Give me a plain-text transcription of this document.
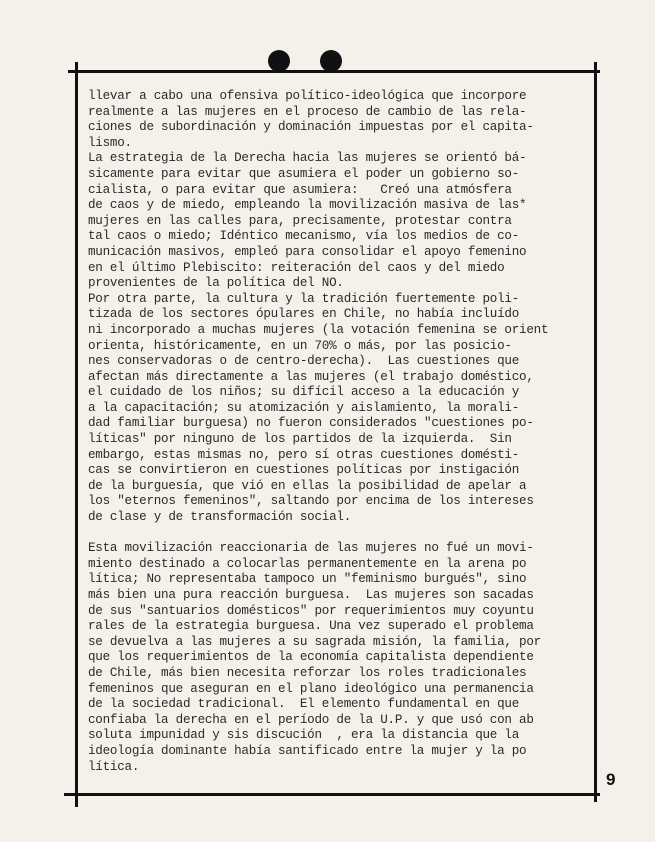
llevar a cabo una ofensiva político-ideológica que incorpore
realmente a las mujeres en el proceso de cambio de las rela-
ciones de subordinación y dominación impuestas por el capita-
lismo.
La estrategia de la Derecha hacia las mujeres se orientó bá-
sicamente para evitar que asumiera el poder un gobierno so-
cialista, o para evitar que asumiera:   Creó una atmósfera
de caos y de miedo, empleando la movilización masiva de las*
mujeres en las calles para, precisamente, protestar contra
tal caos o miedo; Idéntico mecanismo, vía los medios de co-
municación masivos, empleó para consolidar el apoyo femenino
en el último Plebiscito: reiteración del caos y del miedo
provenientes de la política del NO.
Por otra parte, la cultura y la tradición fuertemente poli-
tizada de los sectores ópulares en Chile, no había incluído
ni incorporado a muchas mujeres (la votación femenina se orient
orienta, históricamente, en un 70% o más, por las posicio-
nes conservadoras o de centro-derecha).  Las cuestiones que
afectan más directamente a las mujeres (el trabajo doméstico,
el cuidado de los niños; su difícil acceso a la educación y
a la capacitación; su atomización y aislamiento, la morali-
dad familiar burguesa) no fueron considerados "cuestiones po-
líticas" por ninguno de los partidos de la izquierda.  Sin
embargo, estas mismas no, pero sí otras cuestiones domésti-
cas se convirtieron en cuestiones políticas por instigación
de la burguesía, que vió en ellas la posibilidad de apelar a
los "eternos femeninos", saltando por encima de los intereses
de clase y de transformación social.
Esta movilización reaccionaria de las mujeres no fué un movi-
miento destinado a colocarlas permanentemente en la arena po
lítica; No representaba tampoco un "feminismo burgués", sino
más bien una pura reacción burguesa.  Las mujeres son sacadas
de sus "santuarios domésticos" por requerimientos muy coyuntu
rales de la estrategia burguesa. Una vez superado el problema
se devuelva a las mujeres a su sagrada misión, la familia, por
que los requerimientos de la economía capitalista dependiente
de Chile, más bien necesita reforzar los roles tradicionales
femeninos que aseguran en el plano ideológico una permanencia
de la sociedad tradicional.  El elemento fundamental en que
confiaba la derecha en el período de la U.P. y que usó con ab
soluta impunidad y sis discución  , era la distancia que la
ideología dominante había santificado entre la mujer y la po
lítica.
9
